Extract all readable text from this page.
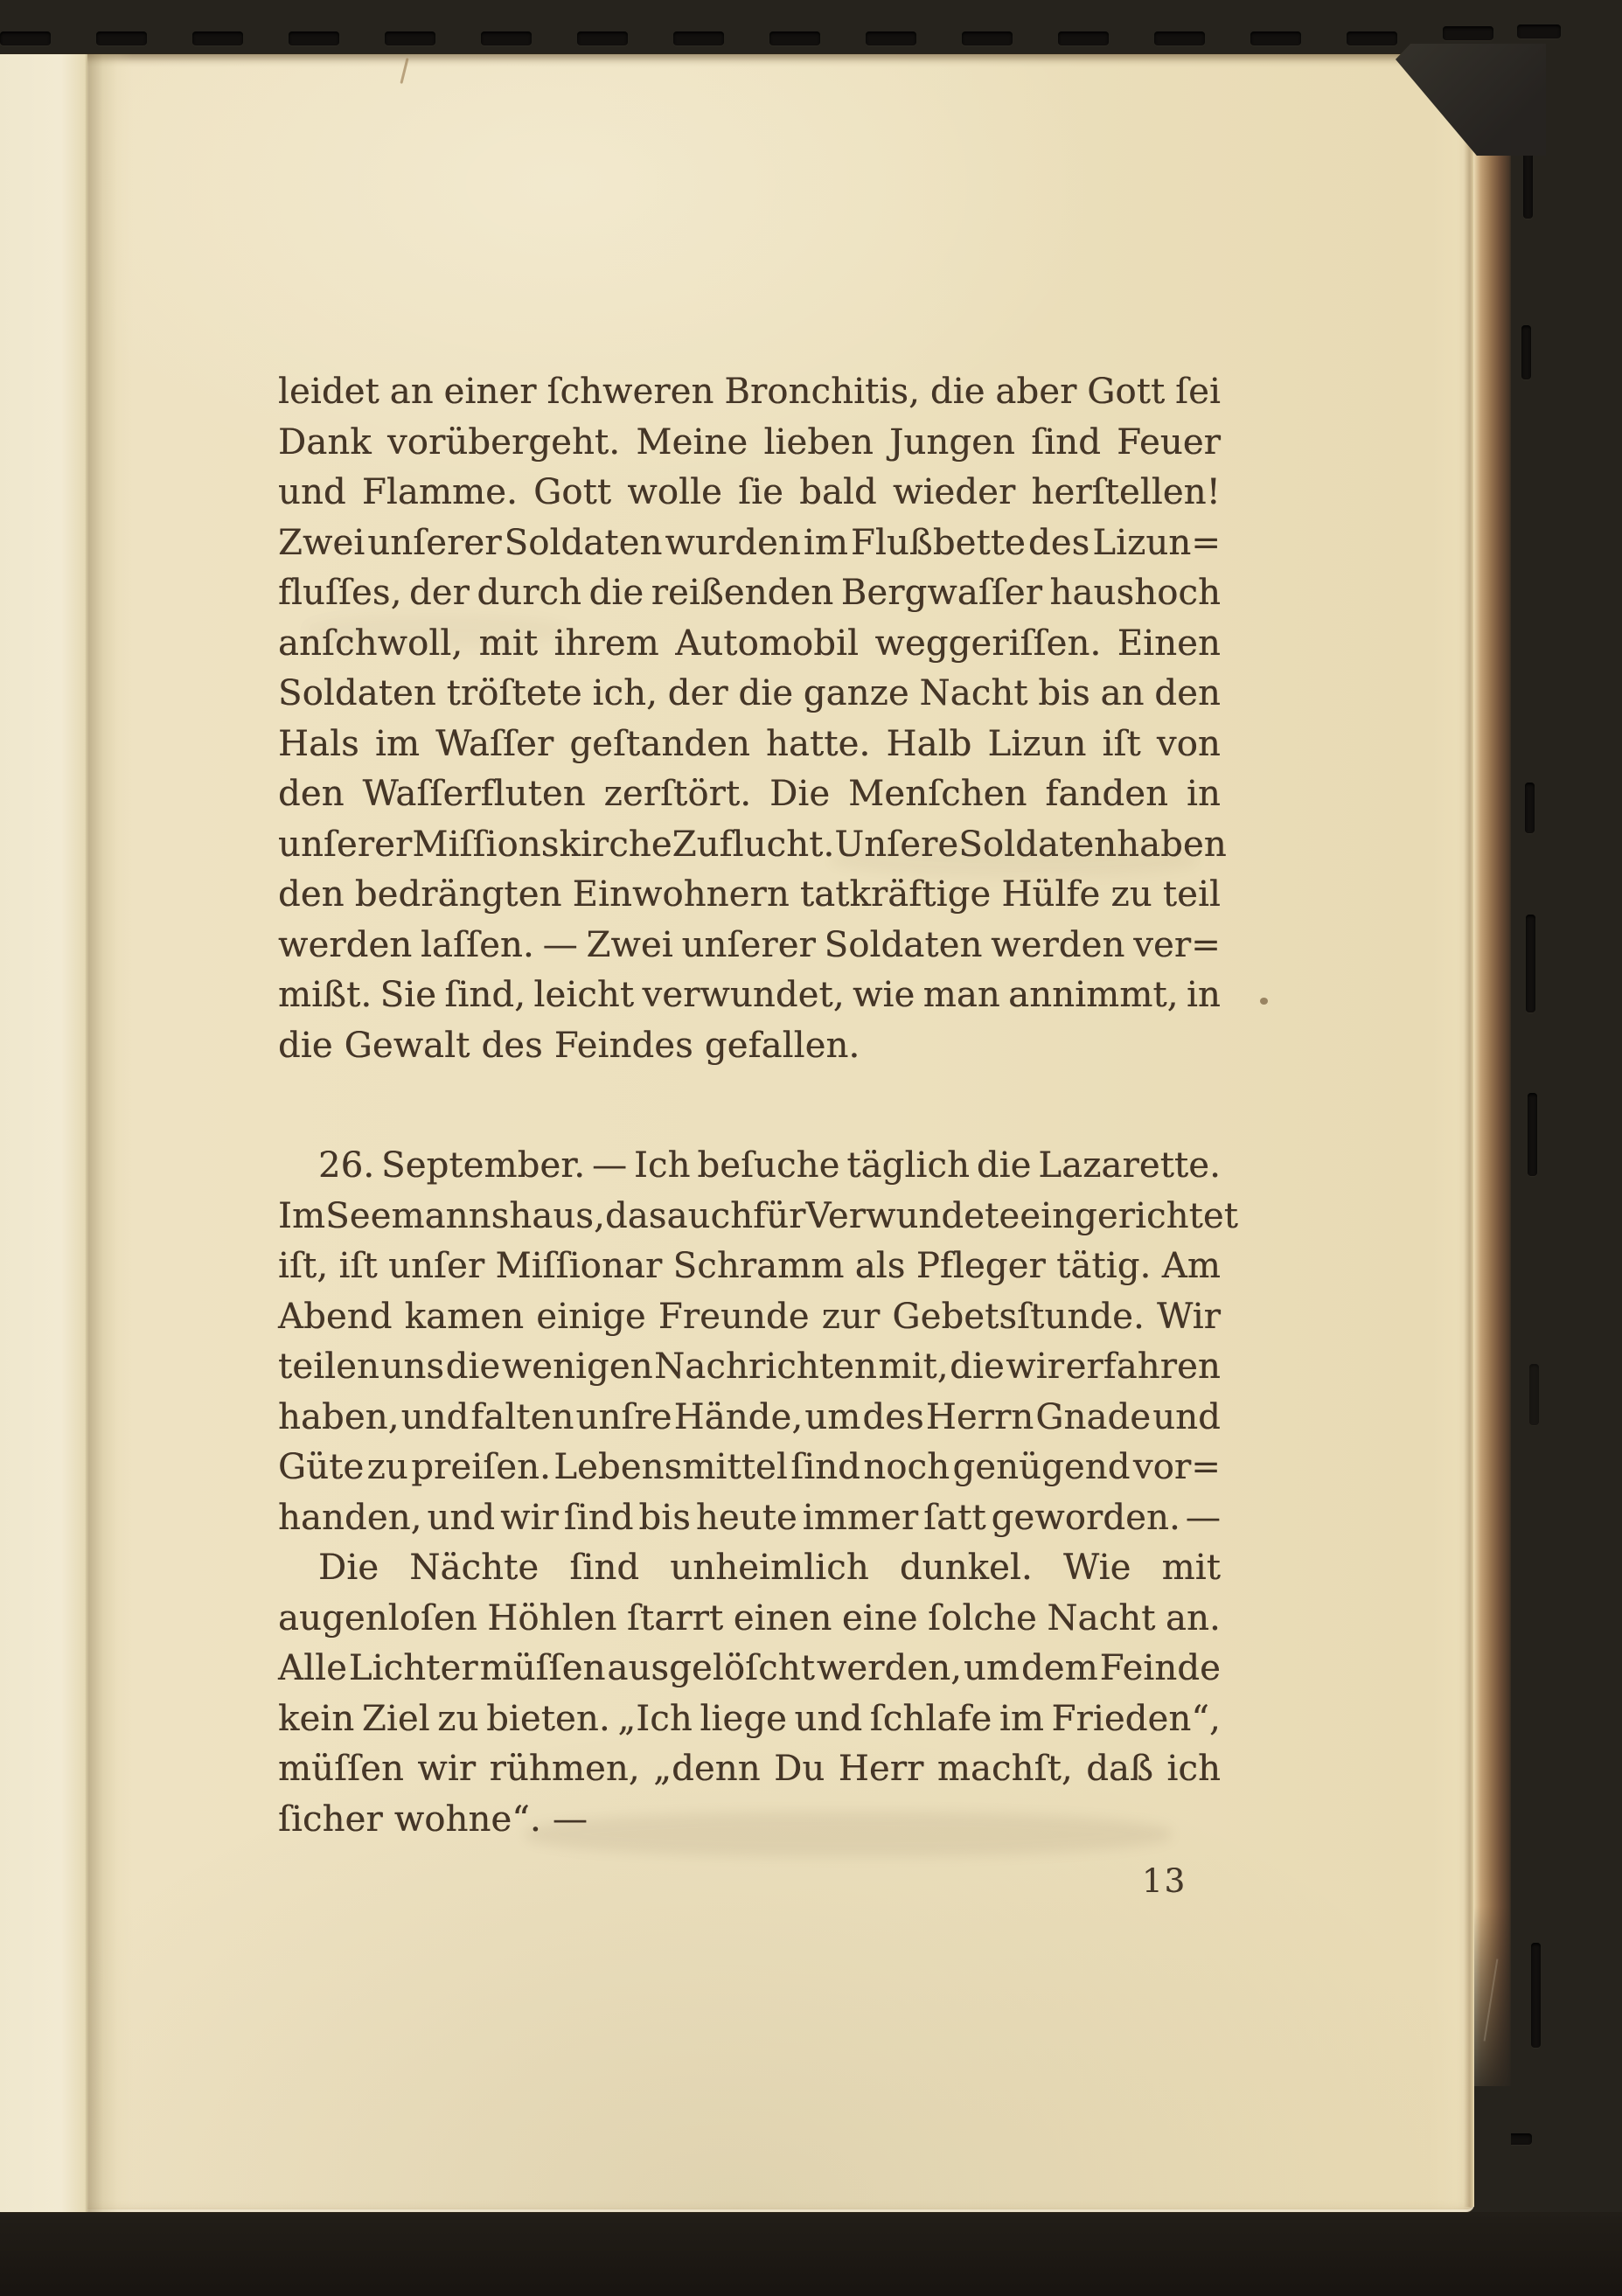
leidet an einer ſchweren Bronchitis, die aber Gott ſei
Dank vorübergeht. Meine lieben Jungen ſind Feuer
und Flamme. Gott wolle ſie bald wieder herſtellen!
Zwei unſerer Soldaten wurden im Flußbette des Lizun=
fluſſes, der durch die reißenden Bergwaſſer haushoch
anſchwoll, mit ihrem Automobil weggeriſſen. Einen
Soldaten tröſtete ich, der die ganze Nacht bis an den
Hals im Waſſer geſtanden hatte. Halb Lizun iſt von
den Waſſerfluten zerſtört. Die Menſchen fanden in
unſerer Miſſionskirche Zuflucht. Unſere Soldaten haben
den bedrängten Einwohnern tatkräftige Hülfe zu teil
werden laſſen. — Zwei unſerer Soldaten werden ver=
mißt. Sie ſind, leicht verwundet, wie man annimmt, in
die Gewalt des Feindes gefallen.
26. September. — Ich beſuche täglich die Lazarette.
Im Seemannshaus, das auch für Verwundete eingerichtet
iſt, iſt unſer Miſſionar Schramm als Pfleger tätig. Am
Abend kamen einige Freunde zur Gebetsſtunde. Wir
teilen uns die wenigen Nachrichten mit, die wir erfahren
haben, und falten unſre Hände, um des Herrn Gnade und
Güte zu preiſen. Lebensmittel ſind noch genügend vor=
handen, und wir ſind bis heute immer ſatt geworden. —
Die Nächte ſind unheimlich dunkel. Wie mit
augenloſen Höhlen ſtarrt einen eine ſolche Nacht an.
Alle Lichter müſſen ausgelöſcht werden, um dem Feinde
kein Ziel zu bieten. „Ich liege und ſchlafe im Frieden“,
müſſen wir rühmen, „denn Du Herr machſt, daß ich
ſicher wohne“. —
13
